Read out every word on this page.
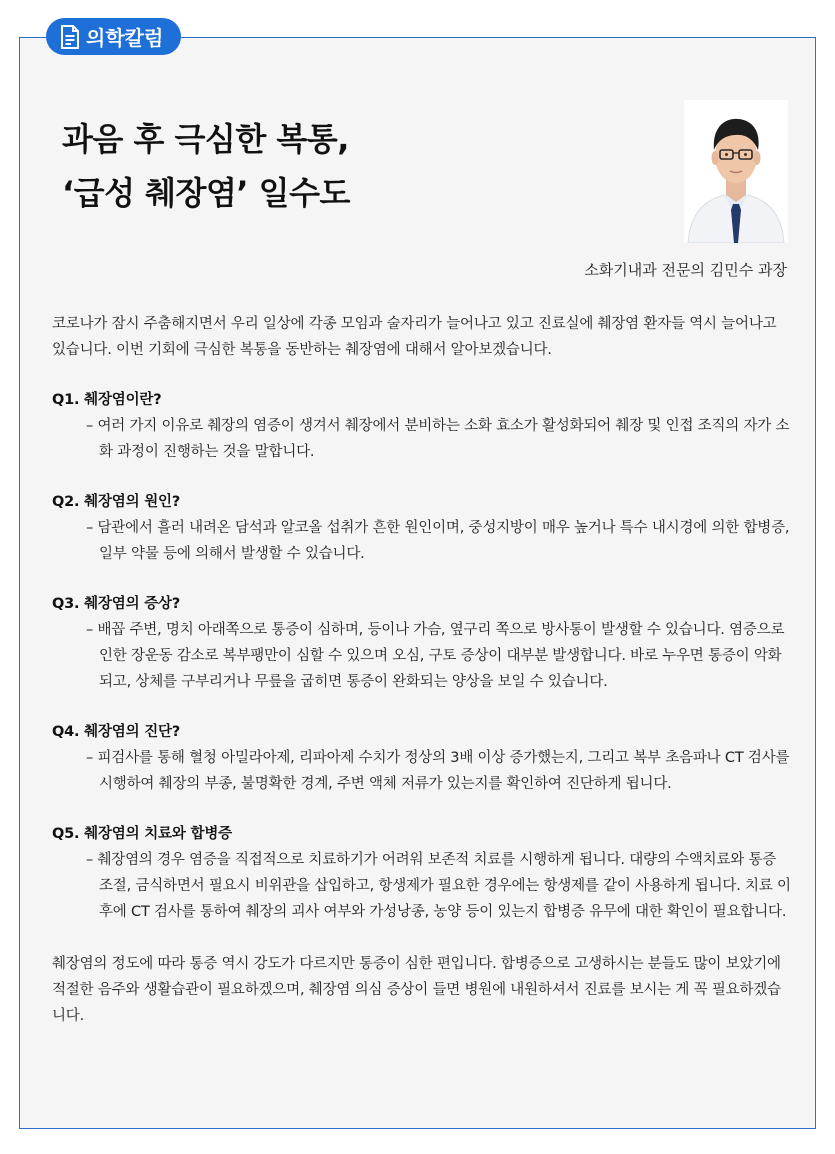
의학칼럼
과음 후 극심한 복통,
‘급성 췌장염’ 일수도
소화기내과 전문의 김민수 과장

코로나가 잠시 주춤해지면서 우리 일상에 각종 모임과 술자리가 늘어나고 있고 진료실에 췌장염 환자들 역시 늘어나고 있습니다. 이번 기회에 극심한 복통을 동반하는 췌장염에 대해서 알아보겠습니다.

Q1. 췌장염이란?

– 여러 가지 이유로 췌장의 염증이 생겨서 췌장에서 분비하는 소화 효소가 활성화되어 췌장 및 인접 조직의 자가 소화 과정이 진행하는 것을 말합니다.

Q2. 췌장염의 원인?

– 담관에서 흘러 내려온 담석과 알코올 섭취가 흔한 원인이며, 중성지방이 매우 높거나 특수 내시경에 의한 합병증, 일부 약물 등에 의해서 발생할 수 있습니다.

Q3. 췌장염의 증상?

– 배꼽 주변, 명치 아래쪽으로 통증이 심하며, 등이나 가슴, 옆구리 쪽으로 방사통이 발생할 수 있습니다. 염증으로 인한 장운동 감소로 복부팽만이 심할 수 있으며 오심, 구토 증상이 대부분 발생합니다. 바로 누우면 통증이 악화되고, 상체를 구부리거나 무릎을 굽히면 통증이 완화되는 양상을 보일 수 있습니다.

Q4. 췌장염의 진단?

– 피검사를 통해 혈청 아밀라아제, 리파아제 수치가 정상의 3배 이상 증가했는지, 그리고 복부 초음파나 CT 검사를 시행하여 췌장의 부종, 불명확한 경계, 주변 액체 저류가 있는지를 확인하여 진단하게 됩니다.

Q5. 췌장염의 치료와 합병증

– 췌장염의 경우 염증을 직접적으로 치료하기가 어려워 보존적 치료를 시행하게 됩니다. 대량의 수액치료와 통증 조절, 금식하면서 필요시 비위관을 삽입하고, 항생제가 필요한 경우에는 항생제를 같이 사용하게 됩니다. 치료 이후에 CT 검사를 통하여 췌장의 괴사 여부와 가성낭종, 농양 등이 있는지 합병증 유무에 대한 확인이 필요합니다.

췌장염의 정도에 따라 통증 역시 강도가 다르지만 통증이 심한 편입니다. 합병증으로 고생하시는 분들도 많이 보았기에 적절한 음주와 생활습관이 필요하겠으며, 췌장염 의심 증상이 들면 병원에 내원하셔서 진료를 보시는 게 꼭 필요하겠습니다.
